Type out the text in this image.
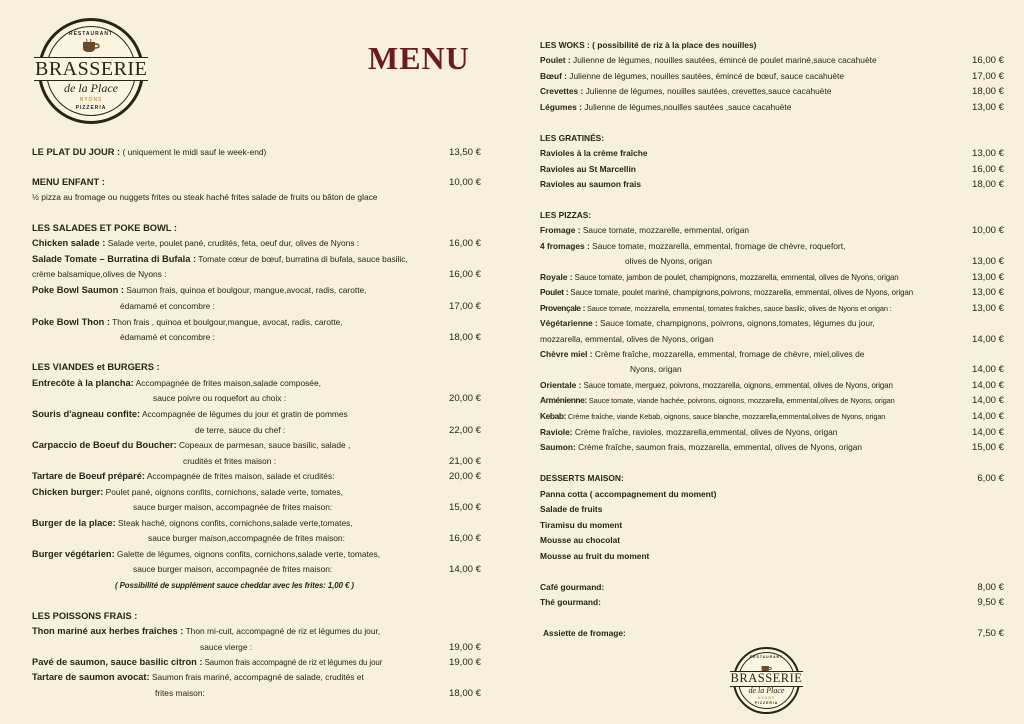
RESTAURANT
BRASSERIE
de la Place
NYONS
PIZZERIA
MENU
LE PLAT DU JOUR : ( uniquement le midi sauf le week-end)	13,50 €
MENU ENFANT :	10,00 €
½ pizza au fromage ou nuggets frites ou steak haché frites salade de fruits ou bâton de glace
LES SALADES ET POKE BOWL :
Chicken salade : Salade verte, poulet pané, crudités, feta, oeuf dur, olives de Nyons :	16,00 €
Salade Tomate – Burratina di Bufala : Tomate cœur de bœuf, burratina di bufala, sauce basilic,
crème balsamique,olives de Nyons :	16,00 €
Poke Bowl Saumon : Saumon frais, quinoa et boulgour, mangue,avocat, radis, carotte,
édamamé et concombre :	17,00 €
Poke Bowl Thon : Thon frais , quinoa et boulgour,mangue, avocat, radis, carotte,
édamamé et concombre :	18,00 €
LES VIANDES et BURGERS :
Entrecôte à la plancha: Accompagnée de frites maison,salade composée,
sauce poivre ou roquefort au choix :	20,00 €
Souris d'agneau confite: Accompagnée de légumes du jour et gratin de pommes
de terre, sauce du chef :	22,00 €
Carpaccio de Boeuf du Boucher: Copeaux de parmesan, sauce basilic, salade ,
crudités et frites maison :	21,00 €
Tartare de Boeuf préparé: Accompagnée de frites maison, salade et crudités:	20,00 €
Chicken burger: Poulet pané, oignons confits, cornichons, salade verte, tomates,
sauce burger maison, accompagnée de frites maison:	15,00 €
Burger de la place: Steak haché, oignons confits, cornichons,salade verte,tomates,
sauce burger maison,accompagnée de frites maison:	16,00 €
Burger végétarien: Galette de légumes, oignons confits, cornichons,salade verte, tomates,
sauce burger maison, accompagnée de frites maison:	14,00 €
( Possibilité de supplément sauce cheddar avec les frites: 1,00 € )
LES POISSONS FRAIS :
Thon mariné aux herbes fraîches : Thon mi-cuit, accompagné de riz et légumes du jour,
sauce vierge :	19,00 €
Pavé de saumon, sauce basilic citron : Saumon frais accompagné de riz et légumes du jour	19,00 €
Tartare de saumon avocat: Saumon frais mariné, accompagné de salade, crudités et
frites maison:	18,00 €
LES WOKS : ( possibilité de riz à la place des nouilles)
Poulet : Julienne de légumes, nouilles sautées, émincé de poulet mariné,sauce cacahuète	16,00 €
Bœuf : Julienne de légumes, nouilles sautées, émincé de bœuf, sauce cacahuète	17,00 €
Crevettes : Julienne de légumes, nouilles sautées, crevettes,sauce cacahuète	18,00 €
Légumes : Julienne de légumes,nouilles sautées ,sauce cacahuète	13,00 €
LES GRATINÉS:
Ravioles à la crème fraîche	13,00 €
Ravioles au St Marcellin	16,00 €
Ravioles au saumon frais	18,00 €
LES PIZZAS:
Fromage : Sauce tomate, mozzarelle, emmental, origan	10,00 €
4 fromages : Sauce tomate, mozzarella, emmental, fromage de chèvre, roquefort,
olives de Nyons, origan	13,00 €
Royale : Sauce tomate, jambon de poulet, champignons, mozzarella, emmental, olives de Nyons, origan	13,00 €
Poulet : Sauce tomate, poulet mariné, champignons,poivrons, mozzarella, emmental, olives de Nyons, origan	13,00 €
Provençale : Sauce tomate, mozzarella, emmental, tomates fraîches, sauce basilic, olives de Nyons et origan :	13,00 €
Végétarienne : Sauce tomate, champignons, poivrons, oignons,tomates, légumes du jour,
mozzarella, emmental, olives de Nyons, origan	14,00 €
Chèvre miel : Crème fraîche, mozzarella, emmental, fromage de chèvre, miel,olives de
Nyons, origan	14,00 €
Orientale : Sauce tomate, merguez, poivrons, mozzarella, oignons, emmental, olives de Nyons, origan	14,00 €
Arménienne: Sauce tomate, viande hachée, poivrons, oignons, mozzarella, emmental,olives de Nyons, origan	14,00 €
Kebab: Crème fraîche, viande Kebab, oignons, sauce blanche, mozzarella,emmental,olives de Nyons, origan	14,00 €
Raviole: Crème fraîche, ravioles, mozzarella,emmental, olives de Nyons, origan	14,00 €
Saumon: Crème fraîche, saumon frais, mozzarella, emmental, olives de Nyons, origan	15,00 €
DESSERTS MAISON:	6,00 €
Panna cotta ( accompagnement du moment)
Salade de fruits
Tiramisu du moment
Mousse au chocolat
Mousse au fruit du moment
Café gourmand:	8,00 €
Thé gourmand:	9,50 €
Assiette de fromage:	7,50 €
RESTAURANT
BRASSERIE
de la Place
NYONS
PIZZERIA
